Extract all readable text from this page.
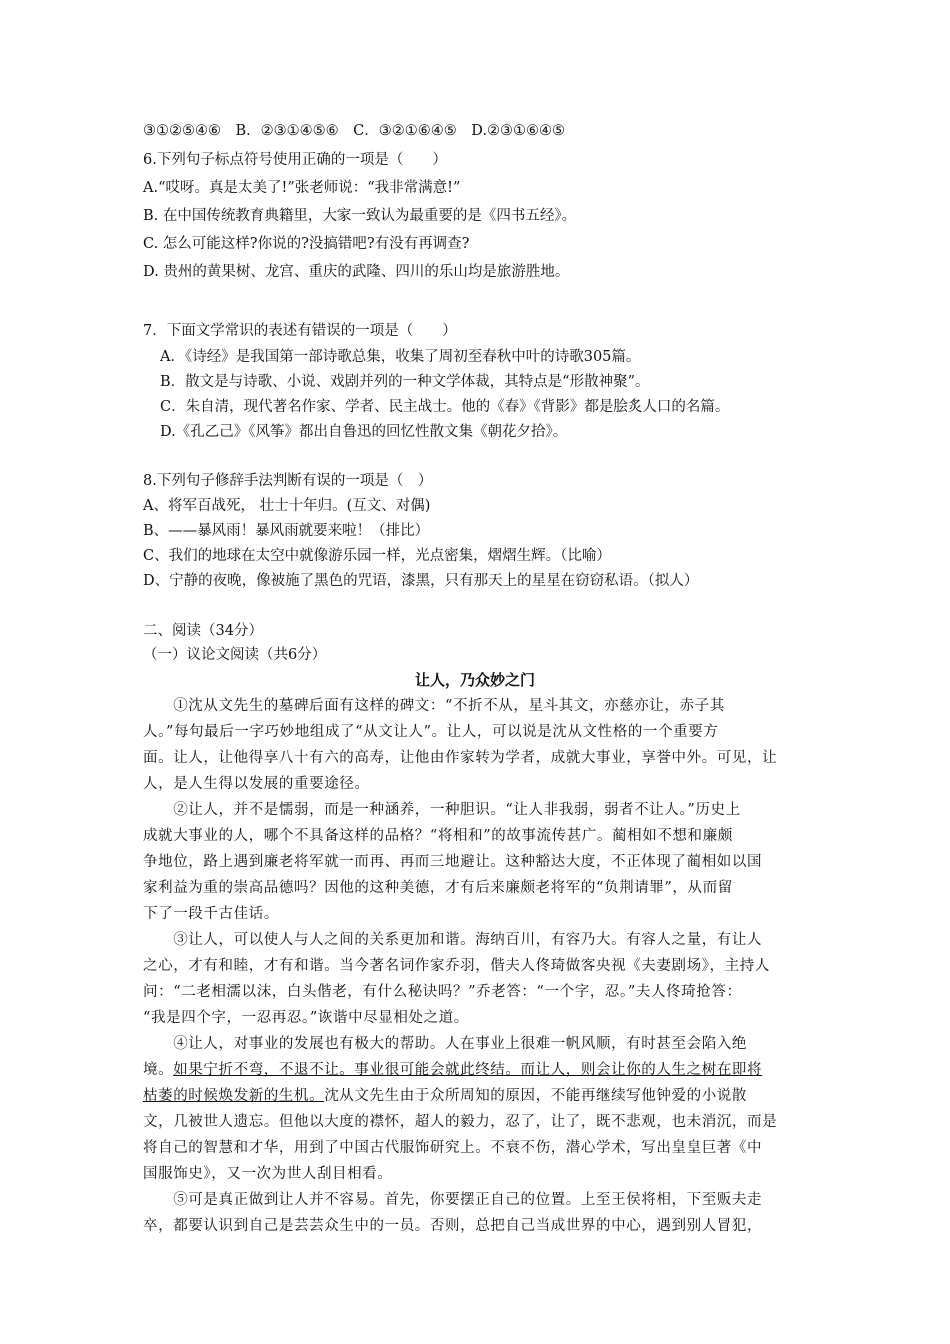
③①②⑤④⑥　B．②③①④⑤⑥　C．③②①⑥④⑤　D.②③①⑥④⑤
6.下列句子标点符号使用正确的一项是（　　）
A.“哎呀。真是太美了!”张老师说：“我非常满意!”
B. 在中国传统教育典籍里，大家一致认为最重要的是《四书五经》。
C. 怎么可能这样?你说的?没搞错吧?有没有再调查?
D. 贵州的黄果树、龙宫、重庆的武隆、四川的乐山均是旅游胜地。
7．下面文学常识的表述有错误的一项是（　　）
A．《诗经》是我国第一部诗歌总集，收集了周初至春秋中叶的诗歌305篇。
B．散文是与诗歌、小说、戏剧并列的一种文学体裁，其特点是“形散神聚”。
C．朱自清，现代著名作家、学者、民主战士。他的《春》《背影》都是脍炙人口的名篇。
D.《孔乙己》《风筝》都出自鲁迅的回忆性散文集《朝花夕拾》。
8.下列句子修辞手法判断有误的一项是（　）
A、将军百战死， 壮士十年归。(互文、对偶)
B、——暴风雨！暴风雨就要来啦！（排比）
C、我们的地球在太空中就像游乐园一样，光点密集，熠熠生辉。（比喻）
D、宁静的夜晚，像被施了黑色的咒语，漆黑，只有那天上的星星在窃窃私语。（拟人）
二、阅读（34分）
（一）议论文阅读（共6分）
让人，乃众妙之门
　　①沈从文先生的墓碑后面有这样的碑文：“不折不从，星斗其文，亦慈亦让，赤子其
人。”每句最后一字巧妙地组成了“从文让人”。让人，可以说是沈从文性格的一个重要方
面。让人，让他得享八十有六的高寿，让他由作家转为学者，成就大事业，享誉中外。可见，让
人，是人生得以发展的重要途径。
　　②让人，并不是懦弱，而是一种涵养，一种胆识。“让人非我弱，弱者不让人。”历史上
成就大事业的人，哪个不具备这样的品格？“将相和”的故事流传甚广。蔺相如不想和廉颇
争地位，路上遇到廉老将军就一而再、再而三地避让。这种豁达大度，不正体现了蔺相如以国
家利益为重的崇高品德吗？因他的这种美德，才有后来廉颇老将军的“负荆请罪”，从而留
下了一段千古佳话。
　　③让人，可以使人与人之间的关系更加和谐。海纳百川，有容乃大。有容人之量，有让人
之心，才有和睦，才有和谐。当今著名词作家乔羽，偕夫人佟琦做客央视《夫妻剧场》，主持人
问：“二老相濡以沫，白头偕老，有什么秘诀吗？”乔老答：“一个字，忍。”夫人佟琦抢答：
“我是四个字，一忍再忍。”诙谐中尽显相处之道。
　　④让人，对事业的发展也有极大的帮助。人在事业上很难一帆风顺，有时甚至会陷入绝
境。如果宁折不弯，不退不让。事业很可能会就此终结。而让人，则会让你的人生之树在即将
枯萎的时候焕发新的生机。沈从文先生由于众所周知的原因，不能再继续写他钟爱的小说散
文，几被世人遗忘。但他以大度的襟怀，超人的毅力，忍了，让了，既不悲观，也未消沉，而是
将自己的智慧和才华，用到了中国古代服饰研究上。不衰不伤，潜心学术，写出皇皇巨著《中
国服饰史》，又一次为世人刮目相看。
　　⑤可是真正做到让人并不容易。首先，你要摆正自己的位置。上至王侯将相，下至贩夫走
卒，都要认识到自己是芸芸众生中的一员。否则，总把自己当成世界的中心，遇到别人冒犯，
